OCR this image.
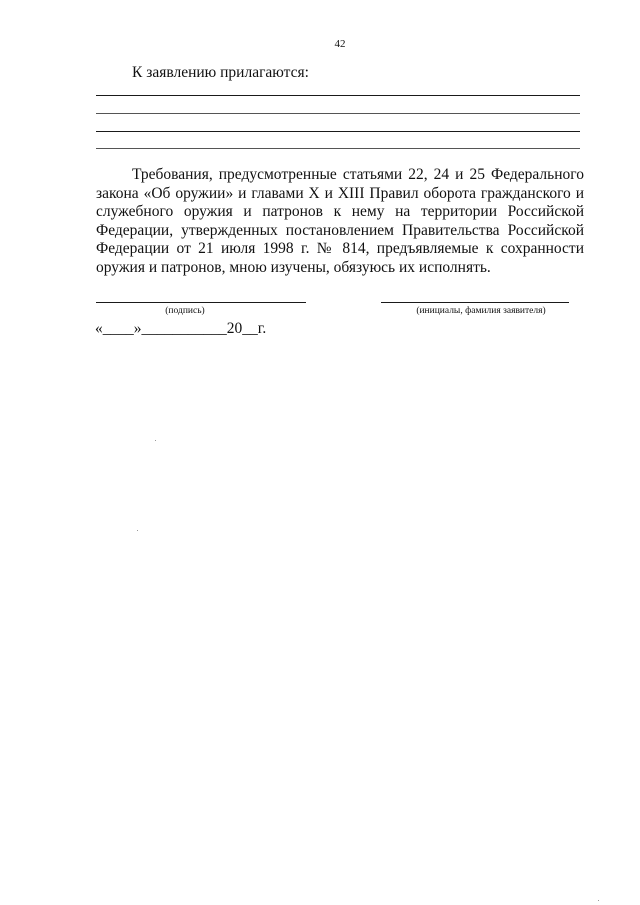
42
К заявлению прилагаются:

Требования, предусмотренные статьями 22, 24 и 25 Федерального закона «Об оружии» и главами X и XIII Правил оборота гражданского и служебного оружия и патронов к нему на территории Российской Федерации, утвержденных постановлением Правительства Российской Федерации от 21 июля 1998 г. № 814, предъявляемые к сохранности оружия и патронов, мною изучены, обязуюсь их исполнять.

(подпись)	(инициалы, фамилия заявителя)
«____»___________20__г.
